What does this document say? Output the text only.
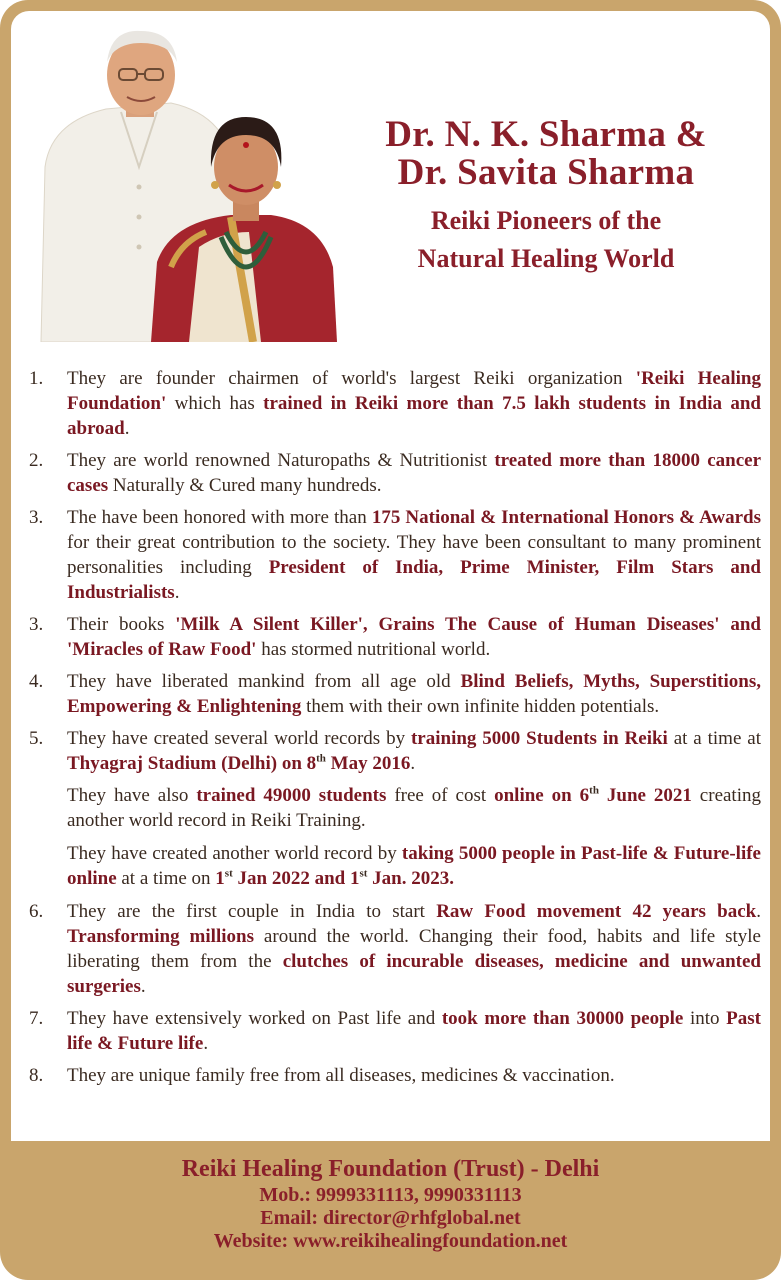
Dr. N. K. Sharma &

Dr. Savita Sharma

Reiki Pioneers of the

Natural Healing World

1. They are founder chairmen of world's largest Reiki organization 'Reiki Healing Foundation' which has trained in Reiki more than 7.5 lakh students in India and abroad.
2. They are world renowned Naturopaths & Nutritionist treated more than 18000 cancer cases Naturally & Cured many hundreds.
3. The have been honored with more than 175 National & International Honors & Awards for their great contribution to the society. They have been consultant to many prominent personalities including President of India, Prime Minister, Film Stars and Industrialists.
3. Their books 'Milk A Silent Killer', Grains The Cause of Human Diseases' and 'Miracles of Raw Food' has stormed nutritional world.
4. They have liberated mankind from all age old Blind Beliefs, Myths, Superstitions, Empowering & Enlightening them with their own infinite hidden potentials.
5. They have created several world records by training 5000 Students in Reiki at a time at Thyagraj Stadium (Delhi) on 8th May 2016.
They have also trained 49000 students free of cost online on 6th June 2021 creating another world record in Reiki Training.
They have created another world record by taking 5000 people in Past-life & Future-life online at a time on 1st Jan 2022 and 1st Jan. 2023.
6. They are the first couple in India to start Raw Food movement 42 years back. Transforming millions around the world. Changing their food, habits and life style liberating them from the clutches of incurable diseases, medicine and unwanted surgeries.
7. They have extensively worked on Past life and took more than 30000 people into Past life & Future life.
8. They are unique family free from all diseases, medicines & vaccination.
Reiki Healing Foundation (Trust) - Delhi
Mob.: 9999331113, 9990331113
Email: director@rhfglobal.net
Website: www.reikihealingfoundation.net
